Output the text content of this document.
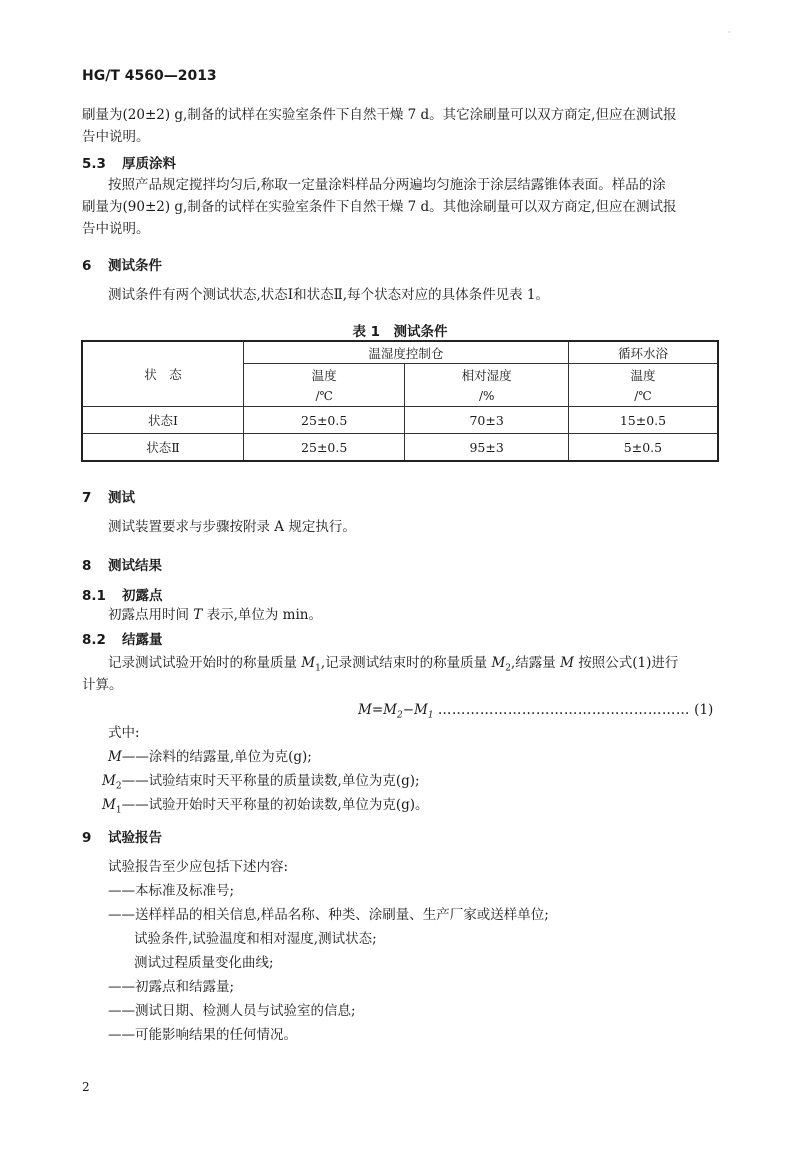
·
HG/T 4560—2013
刷量为(20±2) g,制备的试样在实验室条件下自然干燥 7 d。其它涂刷量可以双方商定,但应在测试报
告中说明。
5.3 厚质涂料
按照产品规定搅拌均匀后,称取一定量涂料样品分两遍均匀施涂于涂层结露锥体表面。样品的涂
刷量为(90±2) g,制备的试样在实验室条件下自然干燥 7 d。其他涂刷量可以双方商定,但应在测试报
告中说明。
6 测试条件
测试条件有两个测试状态,状态Ⅰ和状态Ⅱ,每个状态对应的具体条件见表 1。
表 1　测试条件
状　态	温湿度控制仓		循环水浴
	温度	相对湿度	温度
	/℃	/%	/℃
状态Ⅰ	25±0.5	70±3	15±0.5
状态Ⅱ	25±0.5	95±3	5±0.5
7 测试
测试装置要求与步骤按附录 A 规定执行。
8 测试结果
8.1 初露点
初露点用时间 T 表示,单位为 min。
8.2 结露量
记录测试试验开始时的称量质量 $M_1$,记录测试结束时的称量质量 $M_2$,结露量 M 按照公式(1)进行
计算。
$M=M_2-M_1$ ……………………………………………… (1)
式中:
M——涂料的结露量,单位为克(g);
$M_2——$试验结束时天平称量的质量读数,单位为克(g);
$M_1——$试验开始时天平称量的初始读数,单位为克(g)。
9 试验报告
试验报告至少应包括下述内容:
——本标准及标准号;
——送样样品的相关信息,样品名称、种类、涂刷量、生产厂家或送样单位;
试验条件,试验温度和相对湿度,测试状态;
测试过程质量变化曲线;
——初露点和结露量;
——测试日期、检测人员与试验室的信息;
——可能影响结果的任何情况。
2
